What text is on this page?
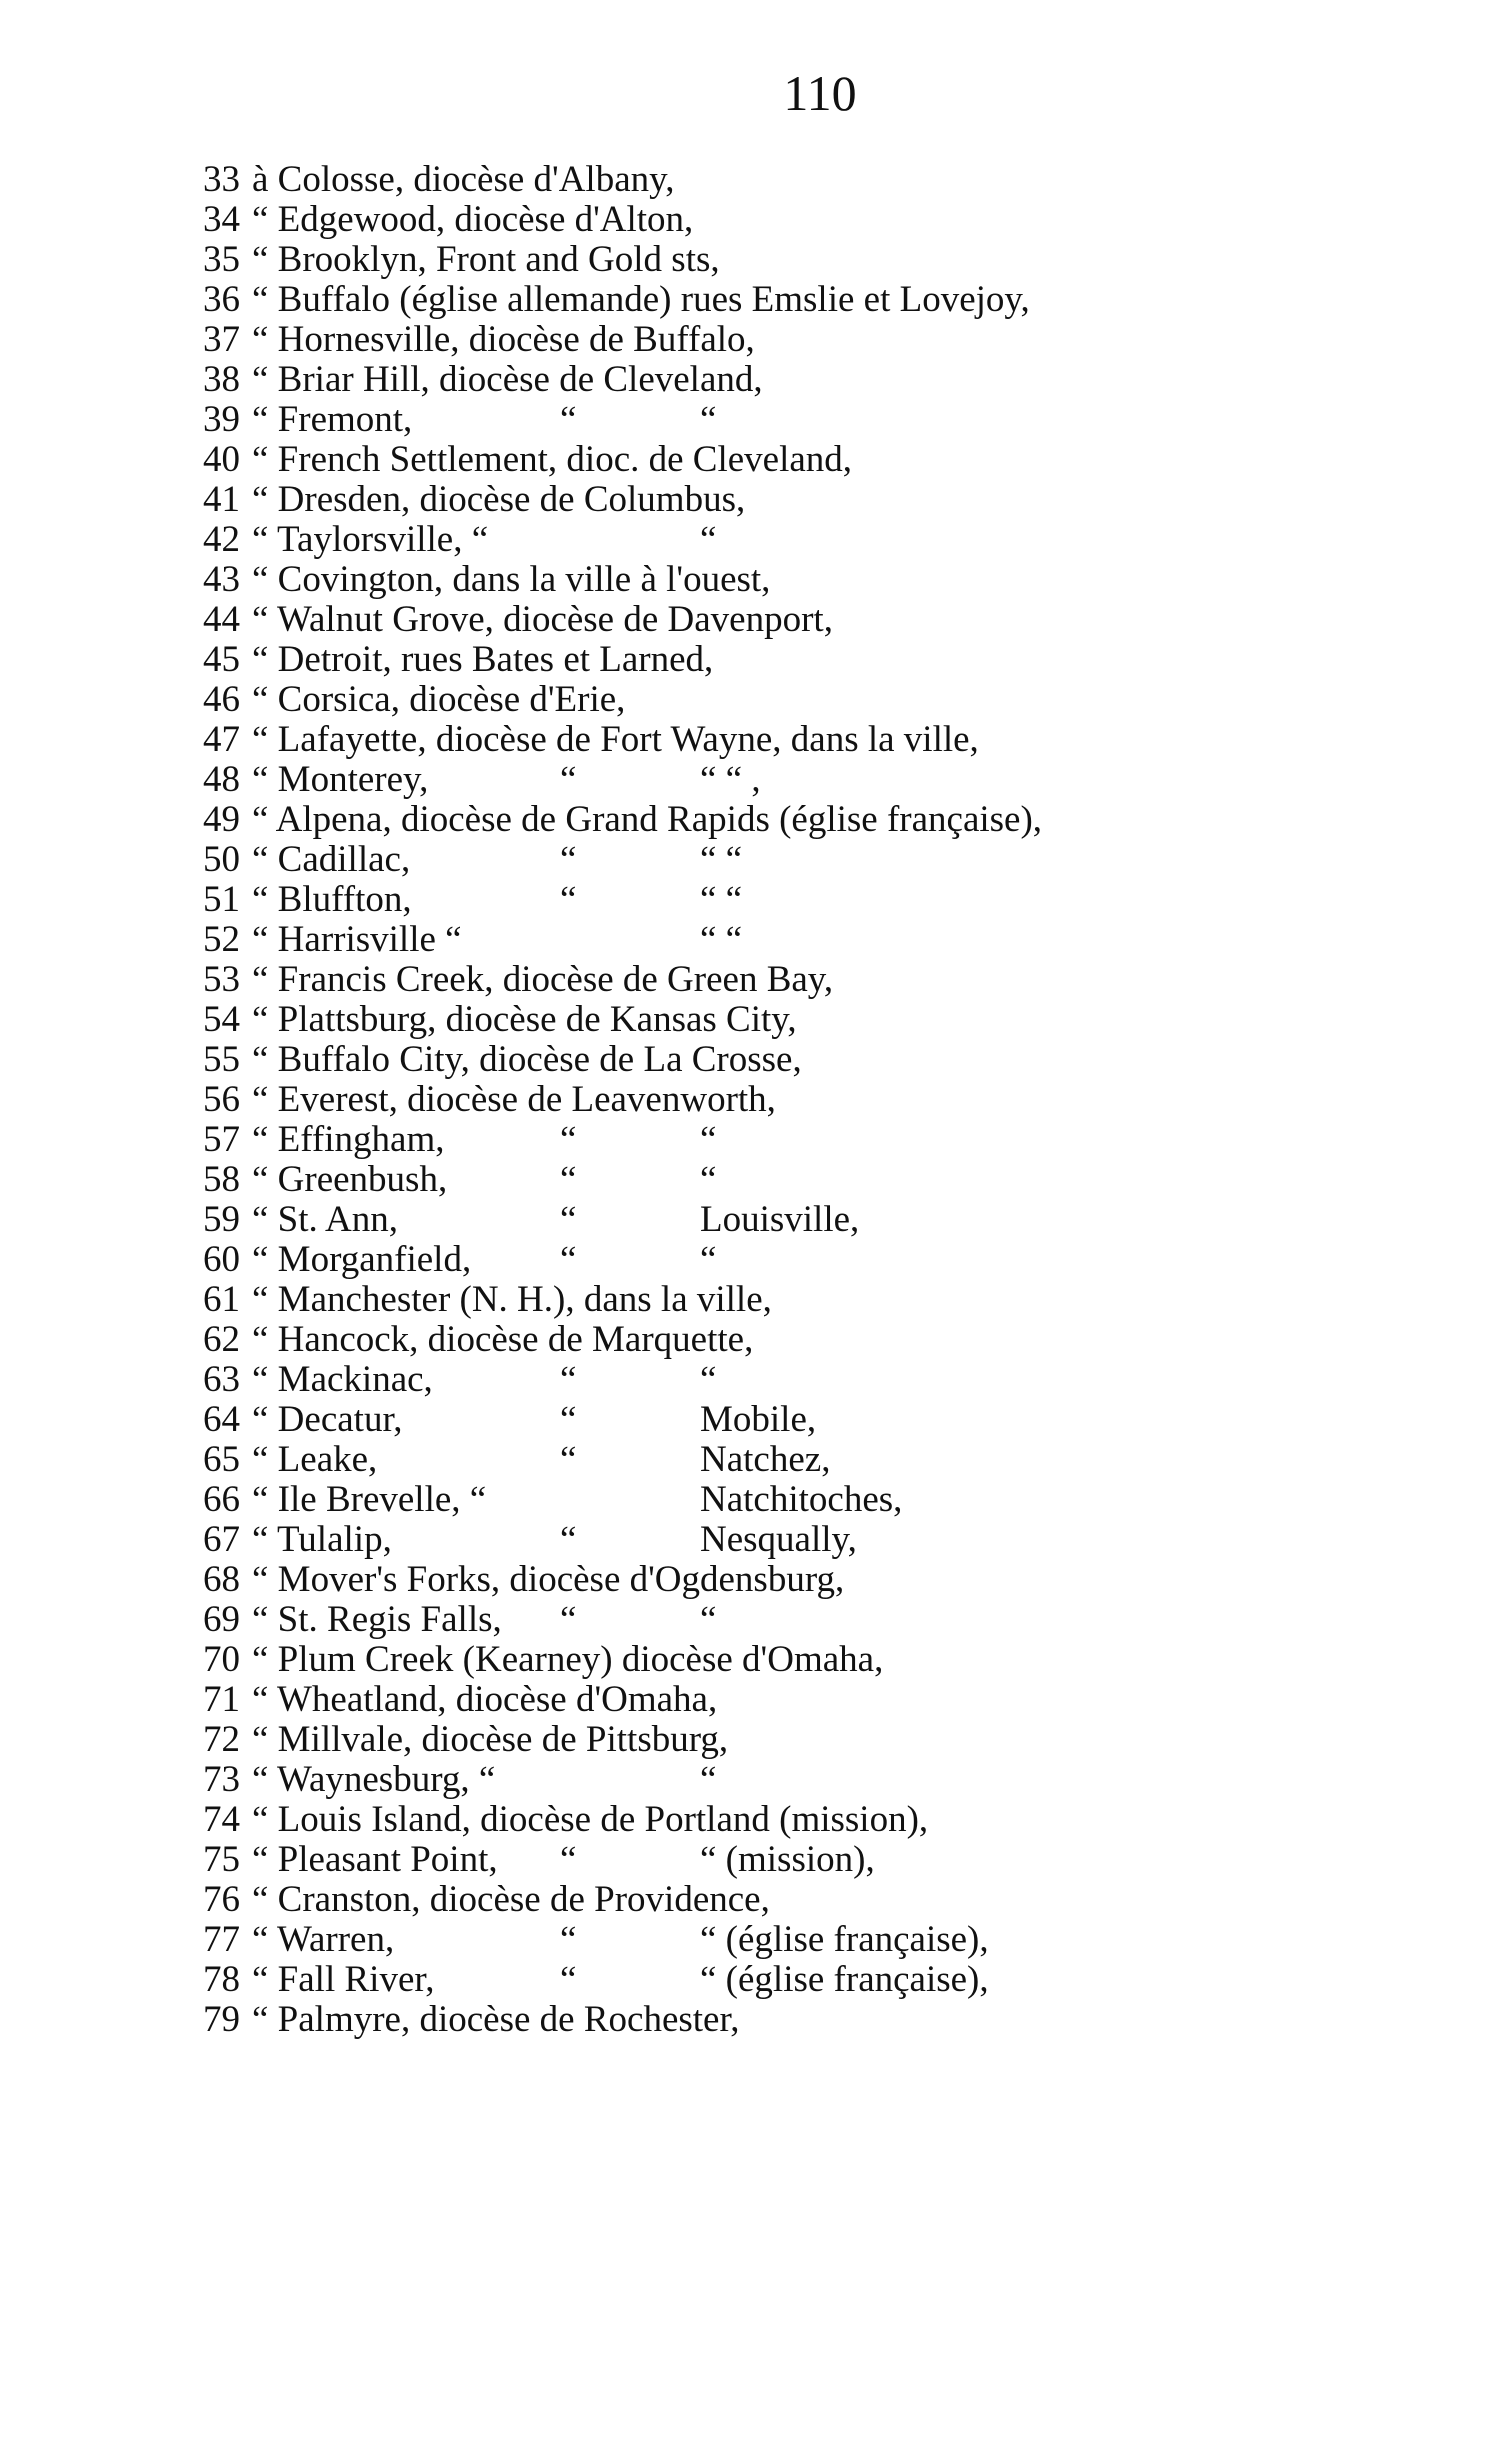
110
33 à Colosse, diocèse d'Albany,
34 “ Edgewood, diocèse d'Alton,
35 “ Brooklyn, Front and Gold sts,
36 “ Buffalo (église allemande) rues Emslie et Lovejoy,
37 “ Hornesville, diocèse de Buffalo,
38 “ Briar Hill, diocèse de Cleveland,
39 “ Fremont,	“	“
40 “ French Settlement, dioc. de Cleveland,
41 “ Dresden, diocèse de Columbus,
42 “ Taylorsville, “	“
43 “ Covington, dans la ville à l'ouest,
44 “ Walnut Grove, diocèse de Davenport,
45 “ Detroit, rues Bates et Larned,
46 “ Corsica, diocèse d'Erie,
47 “ Lafayette, diocèse de Fort Wayne, dans la ville,
48 “ Monterey,	“	“ “ ,
49 “ Alpena, diocèse de Grand Rapids (église française),
50 “ Cadillac,	“	“ “
51 “ Bluffton,	“	“ “
52 “ Harrisville “	“ “
53 “ Francis Creek, diocèse de Green Bay,
54 “ Plattsburg, diocèse de Kansas City,
55 “ Buffalo City, diocèse de La Crosse,
56 “ Everest, diocèse de Leavenworth,
57 “ Effingham,	“	“
58 “ Greenbush,	“	“
59 “ St. Ann,	“	Louisville,
60 “ Morganfield, “	“
61 “ Manchester (N. H.), dans la ville,
62 “ Hancock, diocèse de Marquette,
63 “ Mackinac,	“	“
64 “ Decatur,	“	Mobile,
65 “ Leake,	“	Natchez,
66 “ Ile Brevelle, “	Natchitoches,
67 “ Tulalip,	“	Nesqually,
68 “ Mover's Forks, diocèse d'Ogdensburg,
69 “ St. Regis Falls, “	“
70 “ Plum Creek (Kearney) diocèse d'Omaha,
71 “ Wheatland, diocèse d'Omaha,
72 “ Millvale, diocèse de Pittsburg,
73 “ Waynesburg, “	“
74 “ Louis Island, diocèse de Portland (mission),
75 “ Pleasant Point, “	“ (mission),
76 “ Cranston, diocèse de Providence,
77 “ Warren,	“	“ (église française),
78 “ Fall River,	“	“ (église française),
79 “ Palmyre, diocèse de Rochester,
